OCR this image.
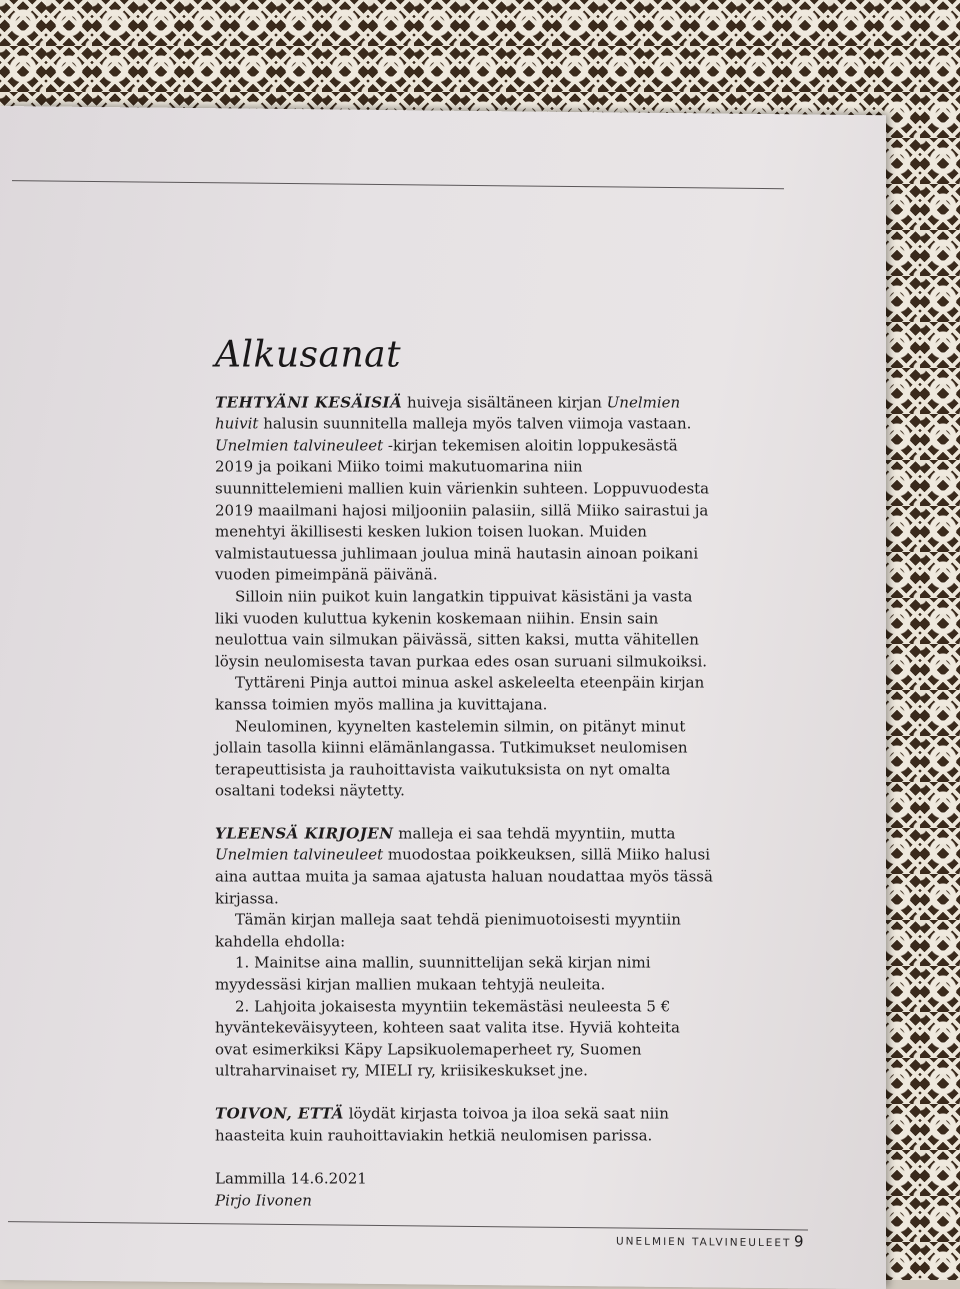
Alkusanat

TEHTYÄNI KESÄISIÄ huiveja sisältäneen kirjan Unelmien huivit halusin suunnitella malleja myös talven viimoja vastaan. Unelmien talvineuleet -kirjan tekemisen aloitin loppukesästä 2019 ja poikani Miiko toimi makutuomarina niin suunnittelemieni mallien kuin värienkin suhteen. Loppuvuodesta 2019 maailmani hajosi miljooniin palasiin, sillä Miiko sairastui ja menehtyi äkillisesti kesken lukion toisen luokan. Muiden valmistautuessa juhlimaan joulua minä hautasin ainoan poikani vuoden pimeimpänä päivänä.

Silloin niin puikot kuin langatkin tippuivat käsistäni ja vasta liki vuoden kuluttua kykenin koskemaan niihin. Ensin sain neulottua vain silmukan päivässä, sitten kaksi, mutta vähitellen löysin neulomisesta tavan purkaa edes osan suruani silmukoiksi.

Tyttäreni Pinja auttoi minua askel askeleelta eteenpäin kirjan kanssa toimien myös mallina ja kuvittajana.

Neulominen, kyynelten kastelemin silmin, on pitänyt minut jollain tasolla kiinni elämänlangassa. Tutkimukset neulomisen terapeuttisista ja rauhoittavista vaikutuksista on nyt omalta osaltani todeksi näytetty.

YLEENSÄ KIRJOJEN malleja ei saa tehdä myyntiin, mutta Unelmien talvineuleet muodostaa poikkeuksen, sillä Miiko halusi aina auttaa muita ja samaa ajatusta haluan noudattaa myös tässä kirjassa.

Tämän kirjan malleja saat tehdä pienimuotoisesti myyntiin kahdella ehdolla:

1. Mainitse aina mallin, suunnittelijan sekä kirjan nimi myydessäsi kirjan mallien mukaan tehtyjä neuleita.

2. Lahjoita jokaisesta myyntiin tekemästäsi neuleesta 5 € hyväntekeväisyyteen, kohteen saat valita itse. Hyviä kohteita ovat esimerkiksi Käpy Lapsikuolemaperheet ry, Suomen ultraharvinaiset ry, MIELI ry, kriisikeskukset jne.

TOIVON, ETTÄ löydät kirjasta toivoa ja iloa sekä saat niin haasteita kuin rauhoittaviakin hetkiä neulomisen parissa.

Lammilla 14.6.2021

Pirjo Iivonen

UNELMIEN TALVINEULEET 9
